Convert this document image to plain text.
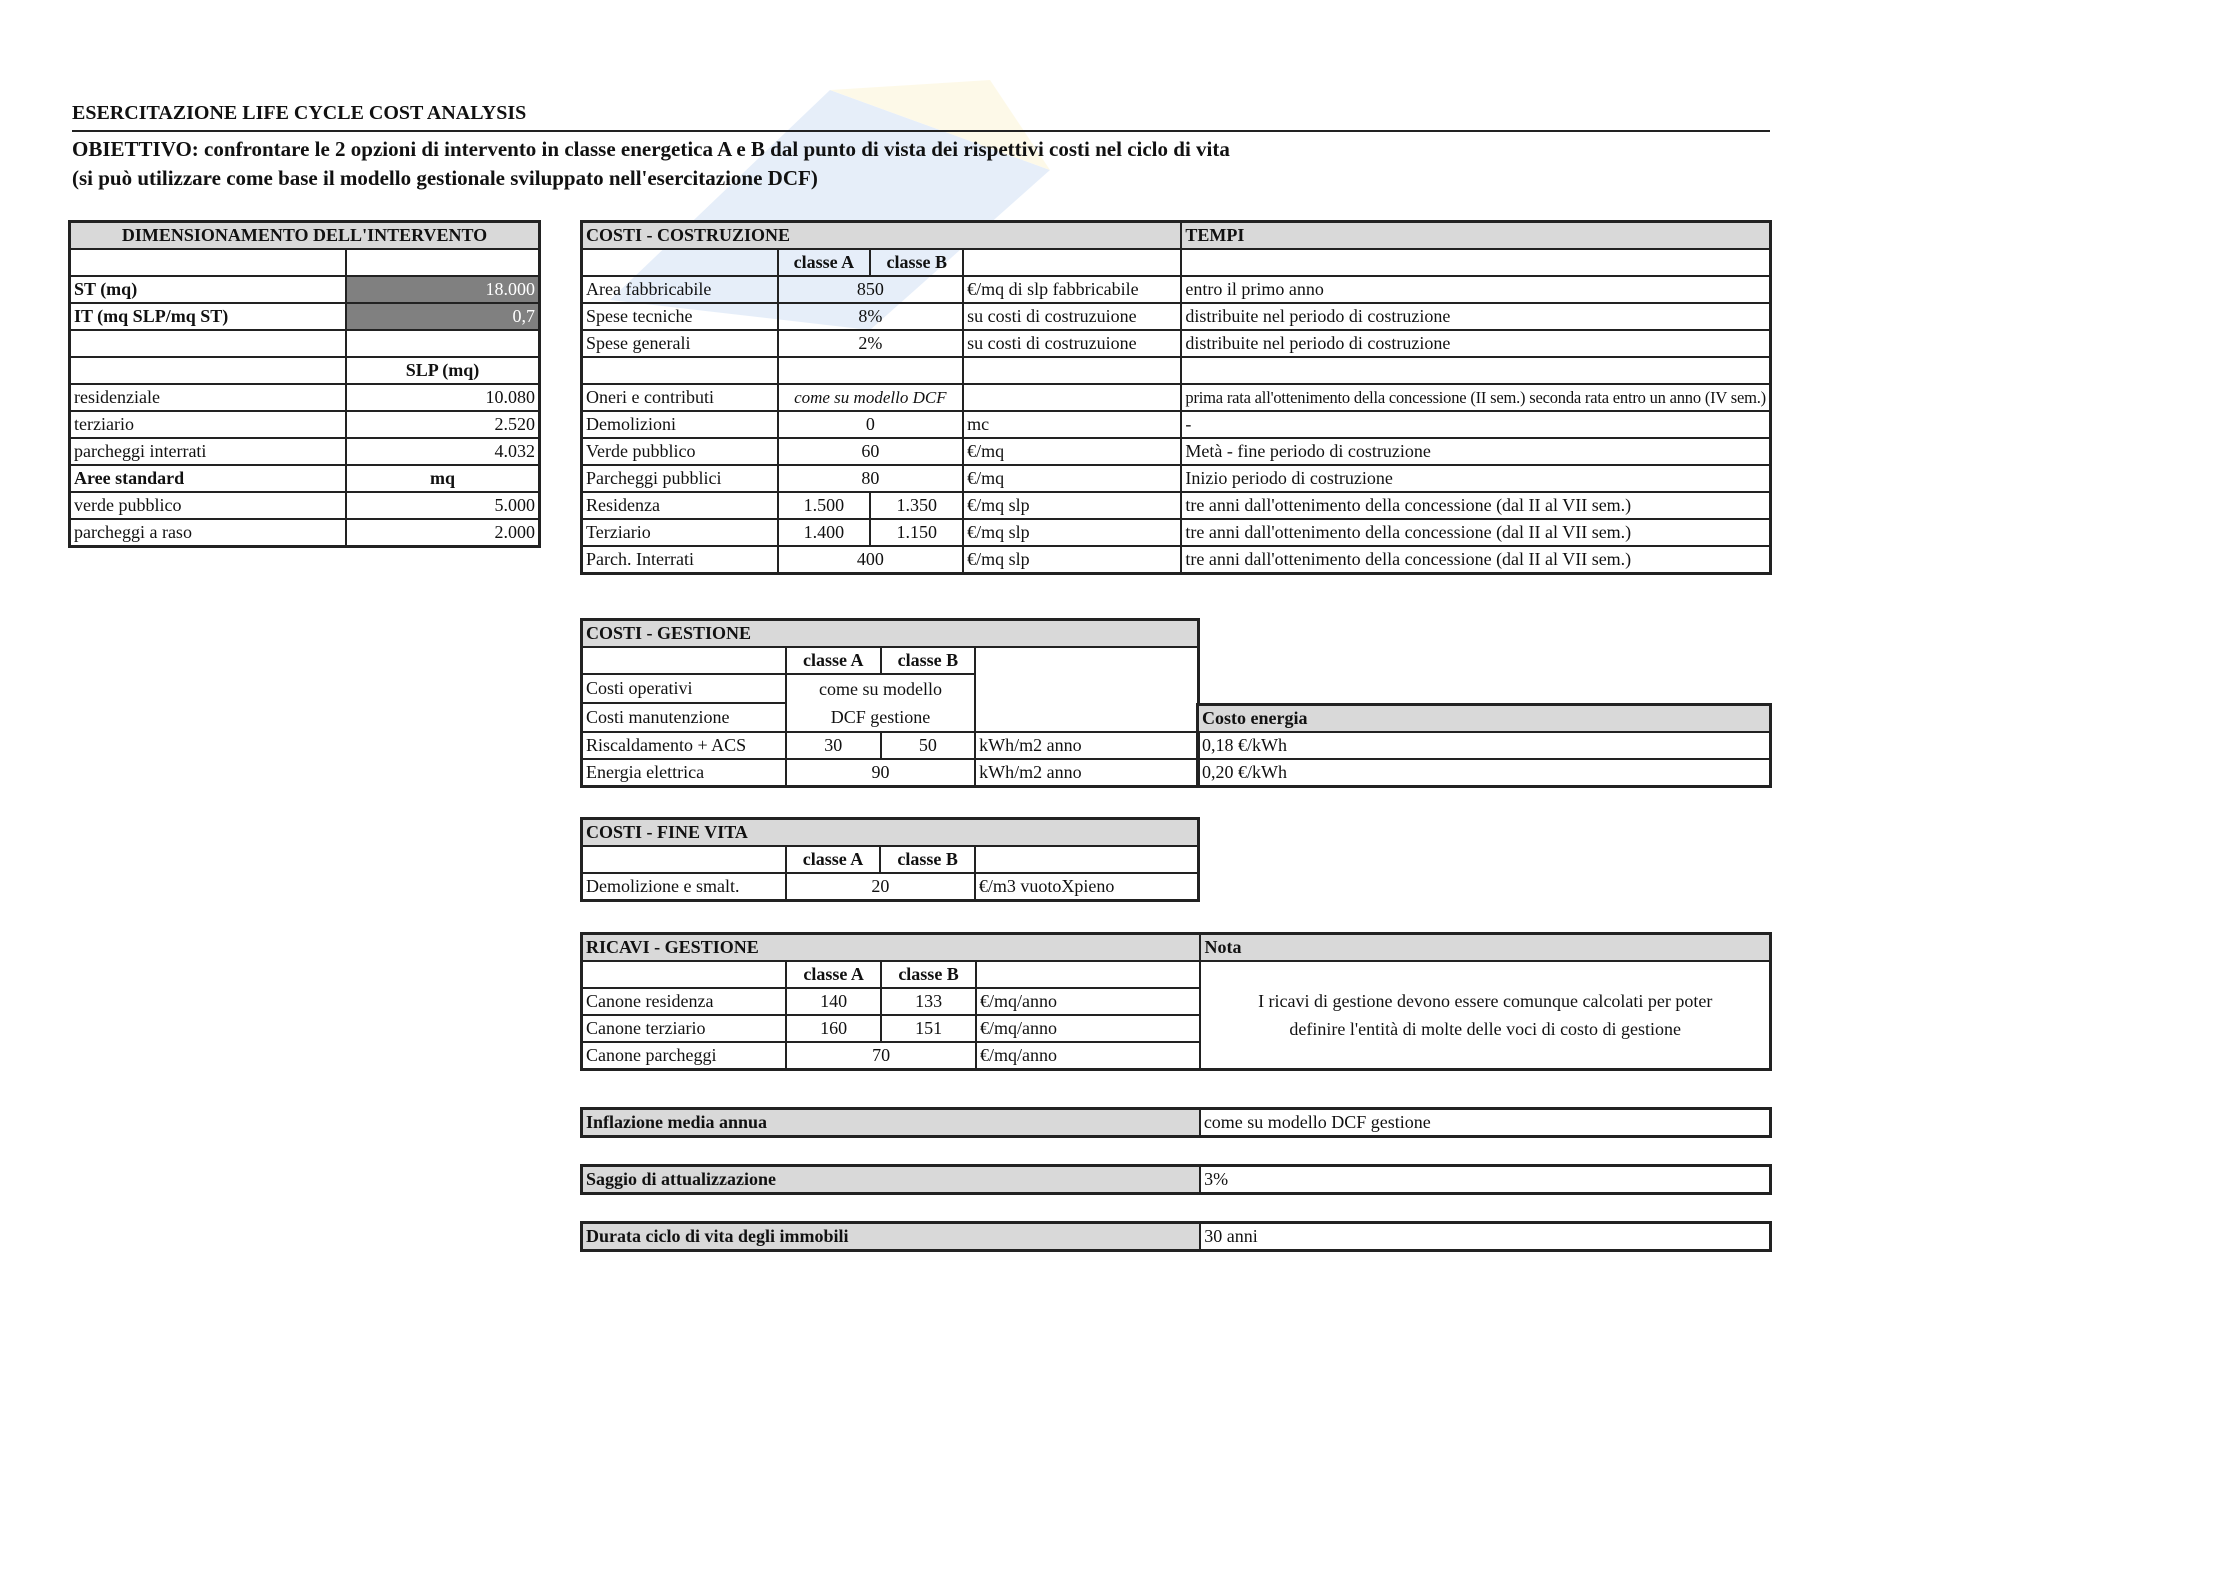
ESERCITAZIONE LIFE CYCLE COST ANALYSIS
OBIETTIVO: confrontare le 2 opzioni di intervento in classe energetica A e B dal punto di vista dei rispettivi costi nel ciclo di vita
(si può utilizzare come base il modello gestionale sviluppato nell'esercitazione DCF)
DIMENSIONAMENTO DELL'INTERVENTO	

ST (mq)	18.000
IT (mq SLP/mq ST)	0,7

	SLP (mq)
residenziale	10.080
terziario	2.520
parcheggi interrati	4.032
Aree standard	mq
verde pubblico	5.000
parcheggi a raso	2.000
COSTI - COSTRUZIONE				TEMPI
	classe A	classe B		
Area fabbricabile	850		€/mq di slp fabbricabile	entro il primo anno
Spese tecniche	8%		su costi di costruzuione	distribuite nel periodo di costruzione
Spese generali	2%		su costi di costruzuione	distribuite nel periodo di costruzione

Oneri e contributi	come su modello DCF			prima rata all'ottenimento della concessione (II sem.) seconda rata entro un anno (IV sem.)
Demolizioni	0		mc	-
Verde pubblico	60		€/mq	Metà - fine periodo di costruzione
Parcheggi pubblici	80		€/mq	Inizio periodo di costruzione
Residenza	1.500	1.350	€/mq slp	tre anni dall'ottenimento della concessione (dal II al VII sem.)
Terziario	1.400	1.150	€/mq slp	tre anni dall'ottenimento della concessione (dal II al VII sem.)
Parch. Interrati	400		€/mq slp	tre anni dall'ottenimento della concessione (dal II al VII sem.)
COSTI - GESTIONE			
	classe A	classe B	
Costi operativi	come su modello
DCF gestione		

Costi manutenzione			
Riscaldamento + ACS	30	50	kWh/m2 anno
Energia elettrica	90		kWh/m2 anno
Costo energia
0,18 €/kWh
0,20 €/kWh
COSTI - FINE VITA			
	classe A	classe B	
Demolizione e smalt.	20		€/m3 vuotoXpieno
RICAVI - GESTIONE				Nota
	classe A	classe B		I ricavi di gestione devono essere comunque calcolati per poter
definire l'entità di molte delle voci di costo di gestione

Canone residenza	140	133	€/mq/anno	
Canone terziario	160	151	€/mq/anno	
Canone parcheggi	70		€/mq/anno	
Inflazione media annua	come su modello DCF gestione
Saggio di attualizzazione	3%
Durata ciclo di vita degli immobili	30 anni
